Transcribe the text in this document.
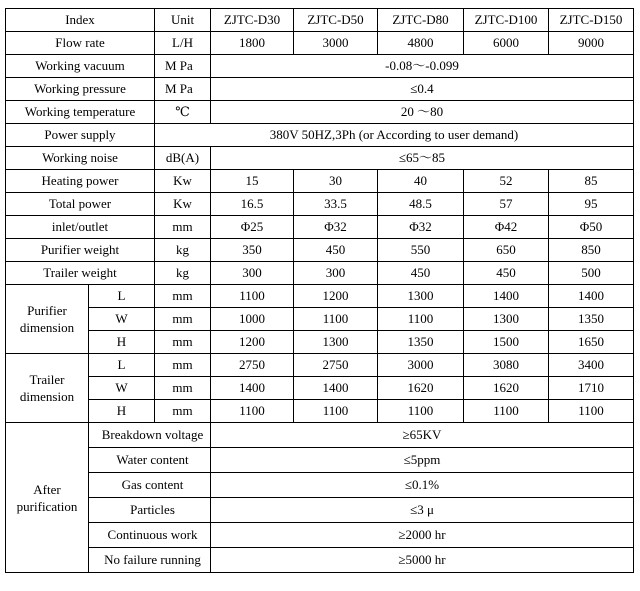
Index		Unit	ZJTC-D30	ZJTC-D50	ZJTC-D80	ZJTC-D100	ZJTC-D150
Flow rate		L/H	1800	3000	4800	6000	9000
Working vacuum		M Pa	-0.08～-0.099				
Working pressure		M Pa	≤0.4				
Working temperature		℃	20 ～80				
Power supply		380V 50HZ,3Ph (or According to user demand)					
Working noise		dB(A)	≤65～85				
Heating power		Kw	15	30	40	52	85
Total power		Kw	16.5	33.5	48.5	57	95
inlet/outlet		mm	Φ25	Φ32	Φ32	Φ42	Φ50
Purifier weight		kg	350	450	550	650	850
Trailer weight		kg	300	300	450	450	500
Purifier
dimension	L	mm	1100	1200	1300	1400	1400
	W	mm	1000	1100	1100	1300	1350
	H	mm	1200	1300	1350	1500	1650
Trailer
dimension	L	mm	2750	2750	3000	3080	3400
	W	mm	1400	1400	1620	1620	1710
	H	mm	1100	1100	1100	1100	1100
After
purification	Breakdown voltage		≥65KV				
	Water content		≤5ppm				
	Gas content		≤0.1%				
	Particles		≤3 μ				
	Continuous work		≥2000 hr				
	No failure running		≥5000 hr				
